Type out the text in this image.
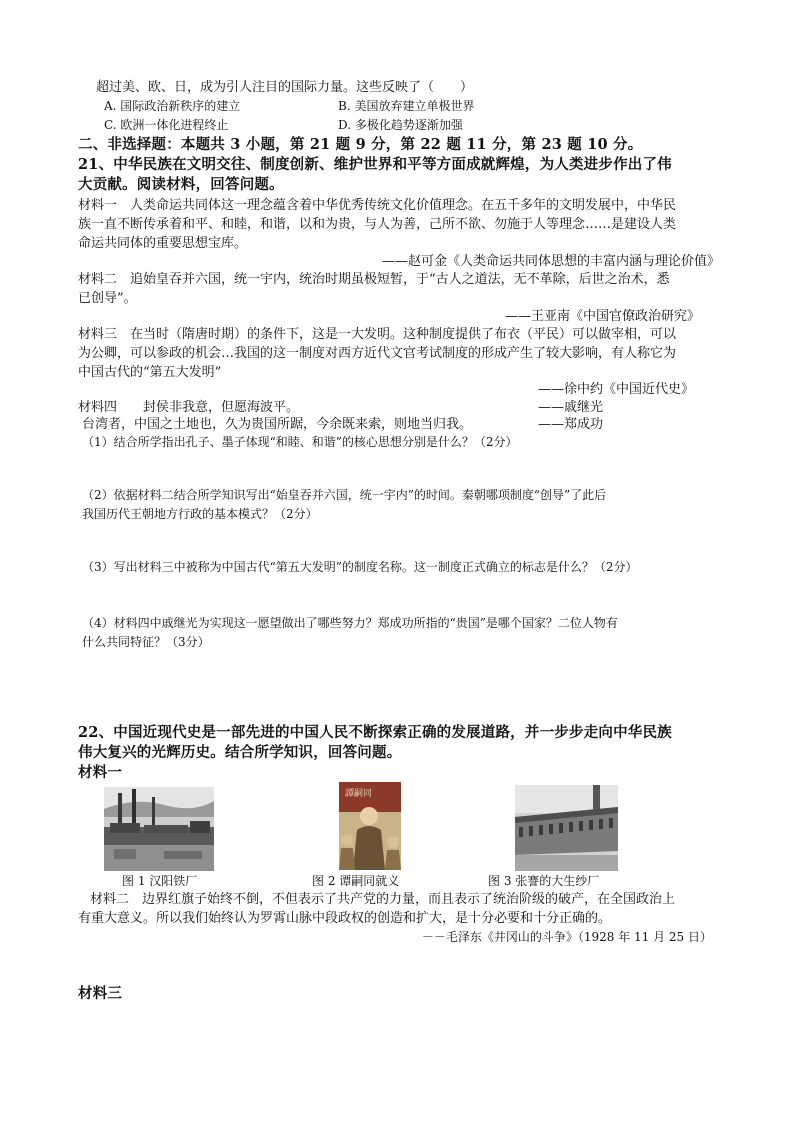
超过美、欧、日，成为引人注目的国际力量。这些反映了（　　）
A. 国际政治新秩序的建立	B. 美国放弃建立单极世界
C. 欧洲一体化进程终止	D. 多极化趋势逐渐加强
二、非选择题：本题共 3 小题，第 21 题 9 分，第 22 题 11 分，第 23 题 10 分。
21、中华民族在文明交往、制度创新、维护世界和平等方面成就辉煌，为人类进步作出了伟
大贡献。阅读材料，回答问题。
材料一　人类命运共同体这一理念蕴含着中华优秀传统文化价值理念。在五千多年的文明发展中，中华民
族一直不断传承着和平、和睦，和谐，以和为贵，与人为善，己所不欲、勿施于人等理念……是建设人类
命运共同体的重要思想宝库。
——赵可金《人类命运共同体思想的丰富内涵与理论价值》
材料二　追始皇吞并六国，统一宇内，统治时期虽极短暂，于“古人之道法，无不革除，后世之治术，悉
已创导”。
——王亚南《中国官僚政治研究》
材料三　在当时（隋唐时期）的条件下，这是一大发明。这种制度提供了布衣（平民）可以做宰相，可以
为公卿，可以参政的机会…我国的这一制度对西方近代文官考试制度的形成产生了较大影响，有人称它为
中国古代的“第五大发明”
——徐中约《中国近代史》
材料四　　封侯非我意，但愿海波平。	——戚继光
台湾者，中国之土地也，久为贵国所踞，今余既来索，则地当归我。	——郑成功
（1）结合所学指出孔子、墨子体现“和睦、和谐”的核心思想分别是什么？（2分）
（2）依据材料二结合所学知识写出“始皇吞并六国，统一宇内”的时间。秦朝哪项制度“创导”了此后
我国历代王朝地方行政的基本模式？（2分）
（3）写出材料三中被称为中国古代“第五大发明”的制度名称。这一制度正式确立的标志是什么？（2分）
（4）材料四中戚继光为实现这一愿望做出了哪些努力？郑成功所指的“贵国”是哪个国家？二位人物有
什么共同特征？（3分）
22、中国近现代史是一部先进的中国人民不断探索正确的发展道路，并一步步走向中华民族
伟大复兴的光辉历史。结合所学知识，回答问题。
材料一
图 1 汉阳铁厂
譚嗣同
图 2 谭嗣同就义	图 3 张謇的大生纱厂
材料二　边界红旗子始终不倒，不但表示了共产党的力量，而且表示了统治阶级的破产，在全国政治上
有重大意义。所以我们始终认为罗霄山脉中段政权的创造和扩大，是十分必要和十分正确的。
－－毛泽东《井冈山的斗争》（1928 年 11 月 25 日）
材料三
